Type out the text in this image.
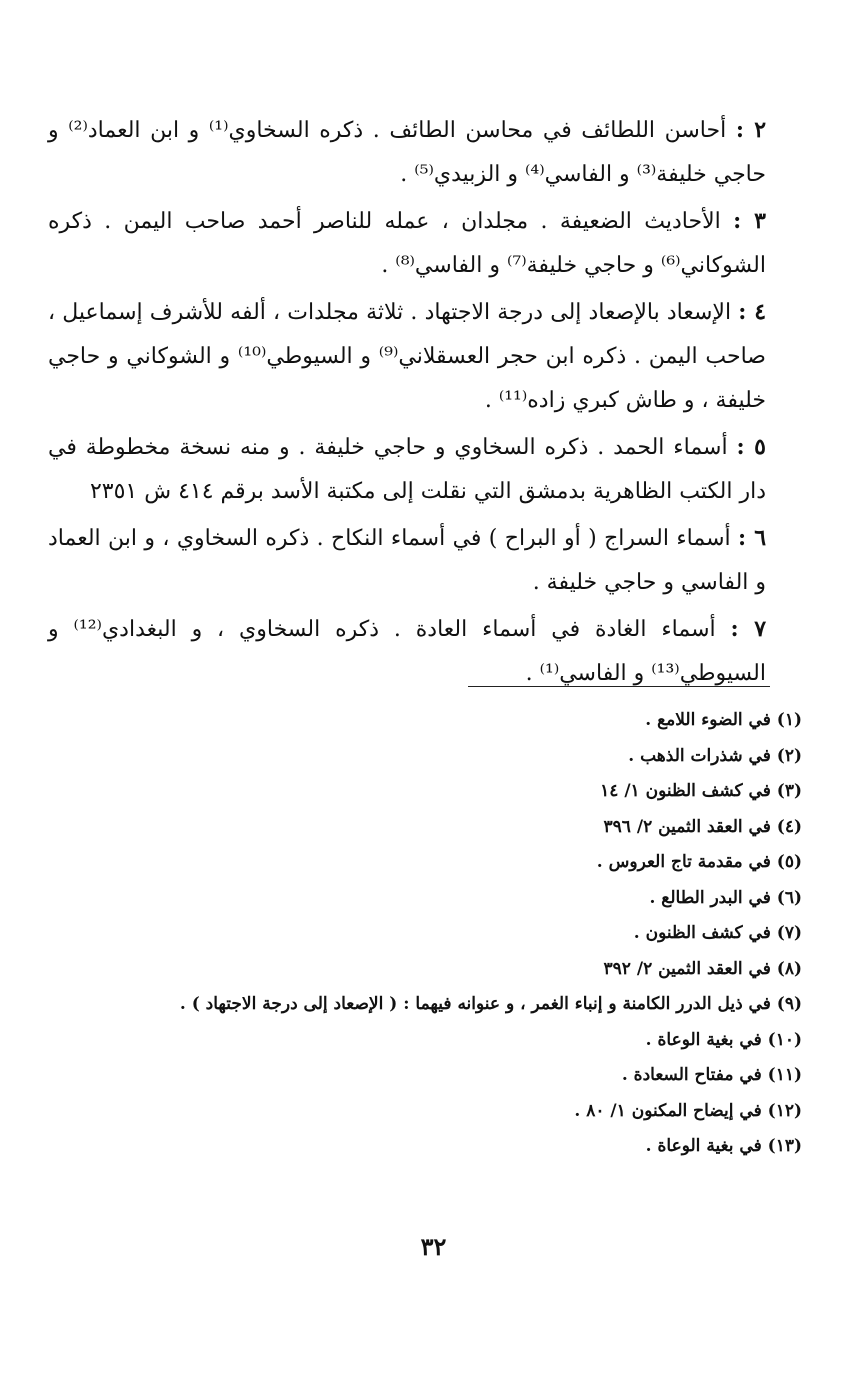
٢ : أحاسن اللطائف في محاسن الطائف . ذكره السخاوي⁽¹⁾ و ابن العماد⁽²⁾ و حاجي خليفة⁽³⁾ و الفاسي⁽⁴⁾ و الزبيدي⁽⁵⁾ .

٣ : الأحاديث الضعيفة . مجلدان ، عمله للناصر أحمد صاحب اليمن . ذكره الشوكاني⁽⁶⁾ و حاجي خليفة⁽⁷⁾ و الفاسي⁽⁸⁾ .

٤ : الإسعاد بالإصعاد إلى درجة الاجتهاد . ثلاثة مجلدات ، ألفه للأشرف إسماعيل ، صاحب اليمن . ذكره ابن حجر العسقلاني⁽⁹⁾ و السيوطي⁽¹⁰⁾ و الشوكاني و حاجي خليفة ، و طاش كبري زاده⁽¹¹⁾ .

٥ : أسماء الحمد . ذكره السخاوي و حاجي خليفة . و منه نسخة مخطوطة في دار الكتب الظاهرية بدمشق التي نقلت إلى مكتبة الأسد برقم ٤١٤ ش ٢٣٥١

٦ : أسماء السراج ( أو البراح ) في أسماء النكاح . ذكره السخاوي ، و ابن العماد و الفاسي و حاجي خليفة .

٧ : أسماء الغادة في أسماء العادة . ذكره السخاوي ، و البغدادي⁽¹²⁾ و السيوطي⁽¹³⁾ و الفاسي⁽¹⁾ .

(١) في الضوء اللامع .
(٢) في شذرات الذهب .
(٣) في كشف الظنون ١/ ١٤
(٤) في العقد الثمين ٢/ ٣٩٦
(٥) في مقدمة تاج العروس .
(٦) في البدر الطالع .
(٧) في كشف الظنون .
(٨) في العقد الثمين ٢/ ٣٩٢
(٩) في ذيل الدرر الكامنة و إنباء الغمر ، و عنوانه فيهما : ( الإصعاد إلى درجة الاجتهاد ) .
(١٠) في بغية الوعاة .
(١١) في مفتاح السعادة .
(١٢) في إيضاح المكنون ١/ ٨٠ .
(١٣) في بغية الوعاة .
٣٢
